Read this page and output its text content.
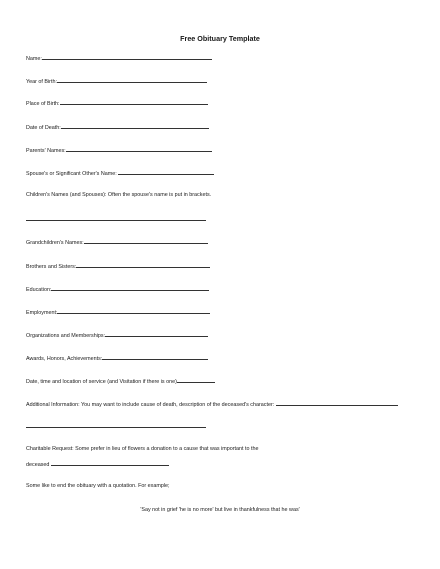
Free Obituary Template
Name:
Year of Birth:
Place of Birth:
Date of Death:
Parents' Names:
Spouse's or Significant Other's Name:
Children's Names (and Spouses): Often the spouse's name is put in brackets.
Grandchildren's Names:
Brothers and Sisters:
Education:
Employment:
Organizations and Memberships:
Awards, Honors, Achievements:
Date, time and location of service (and Visitation if there is one)
Additional Information: You may want to include cause of death, description of the deceased's character:
Charitable Request: Some prefer in lieu of flowers a donation to a cause that was important to the
deceased
Some like to end the obituary with a quotation. For example;
'Say not in grief 'he is no more' but live in thankfulness that he was'
